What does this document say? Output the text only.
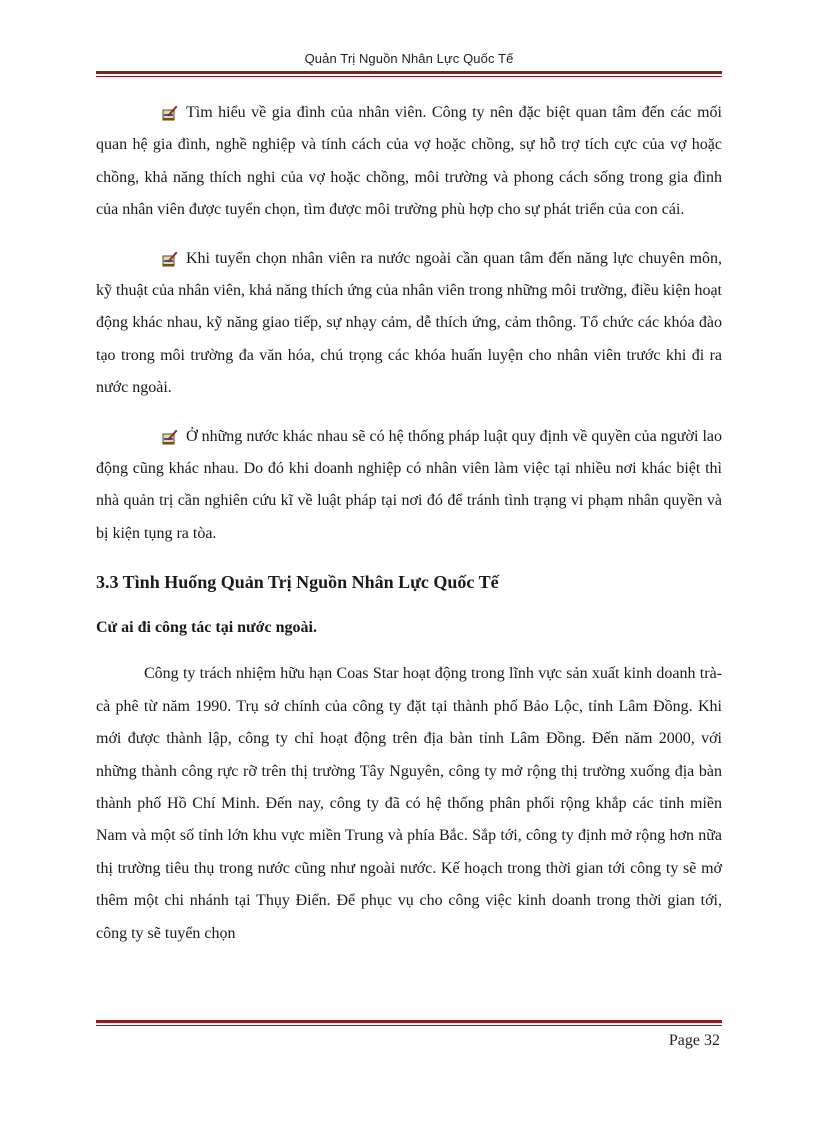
Quản Trị Nguồn Nhân Lực Quốc Tế

Tìm hiểu về gia đình của nhân viên. Công ty nên đặc biệt quan tâm đến các mối quan hệ gia đình, nghề nghiệp và tính cách của vợ hoặc chồng, sự hỗ trợ tích cực của vợ hoặc chồng, khả năng thích nghi của vợ hoặc chồng, môi trường và phong cách sống trong gia đình của nhân viên được tuyển chọn, tìm được môi trường phù hợp cho sự phát triển của con cái.

Khi tuyển chọn nhân viên ra nước ngoài cần quan tâm đến năng lực chuyên môn, kỹ thuật của nhân viên, khả năng thích ứng của nhân viên trong những môi trường, điều kiện hoạt động khác nhau, kỹ năng giao tiếp, sự nhạy cảm, dễ thích ứng, cảm thông. Tổ chức các khóa đào tạo trong môi trường đa văn hóa, chú trọng các khóa huấn luyện cho nhân viên trước khi đi ra nước ngoài.

Ở những nước khác nhau sẽ có hệ thống pháp luật quy định về quyền của người lao động cũng khác nhau. Do đó khi doanh nghiệp có nhân viên làm việc tại nhiều nơi khác biệt thì nhà quản trị cần nghiên cứu kĩ về luật pháp tại nơi đó để tránh tình trạng vi phạm nhân quyền và bị kiện tụng ra tòa.

3.3 Tình Huống Quản Trị Nguồn Nhân Lực Quốc Tế

Cử ai đi công tác tại nước ngoài.

Công ty trách nhiệm hữu hạn Coas Star hoạt động trong lĩnh vực sản xuất kinh doanh trà- cà phê từ năm 1990. Trụ sở chính của công ty đặt tại thành phố Bảo Lộc, tỉnh Lâm Đồng. Khi mới được thành lập, công ty chỉ hoạt động trên địa bàn tỉnh Lâm Đồng. Đến năm 2000, với những thành công rực rỡ trên thị trường Tây Nguyên, công ty mở rộng thị trường xuống địa bàn thành phố Hồ Chí Minh. Đến nay, công ty đã có hệ thống phân phối rộng khắp các tỉnh miền Nam và một số tỉnh lớn khu vực miền Trung và phía Bắc. Sắp tới, công ty định mở rộng hơn nữa thị trường tiêu thụ trong nước cũng như ngoài nước. Kế hoạch trong thời gian tới công ty sẽ mở thêm một chi nhánh tại Thụy Điển. Để phục vụ cho công việc kinh doanh trong thời gian tới, công ty sẽ tuyển chọn

Page 32
